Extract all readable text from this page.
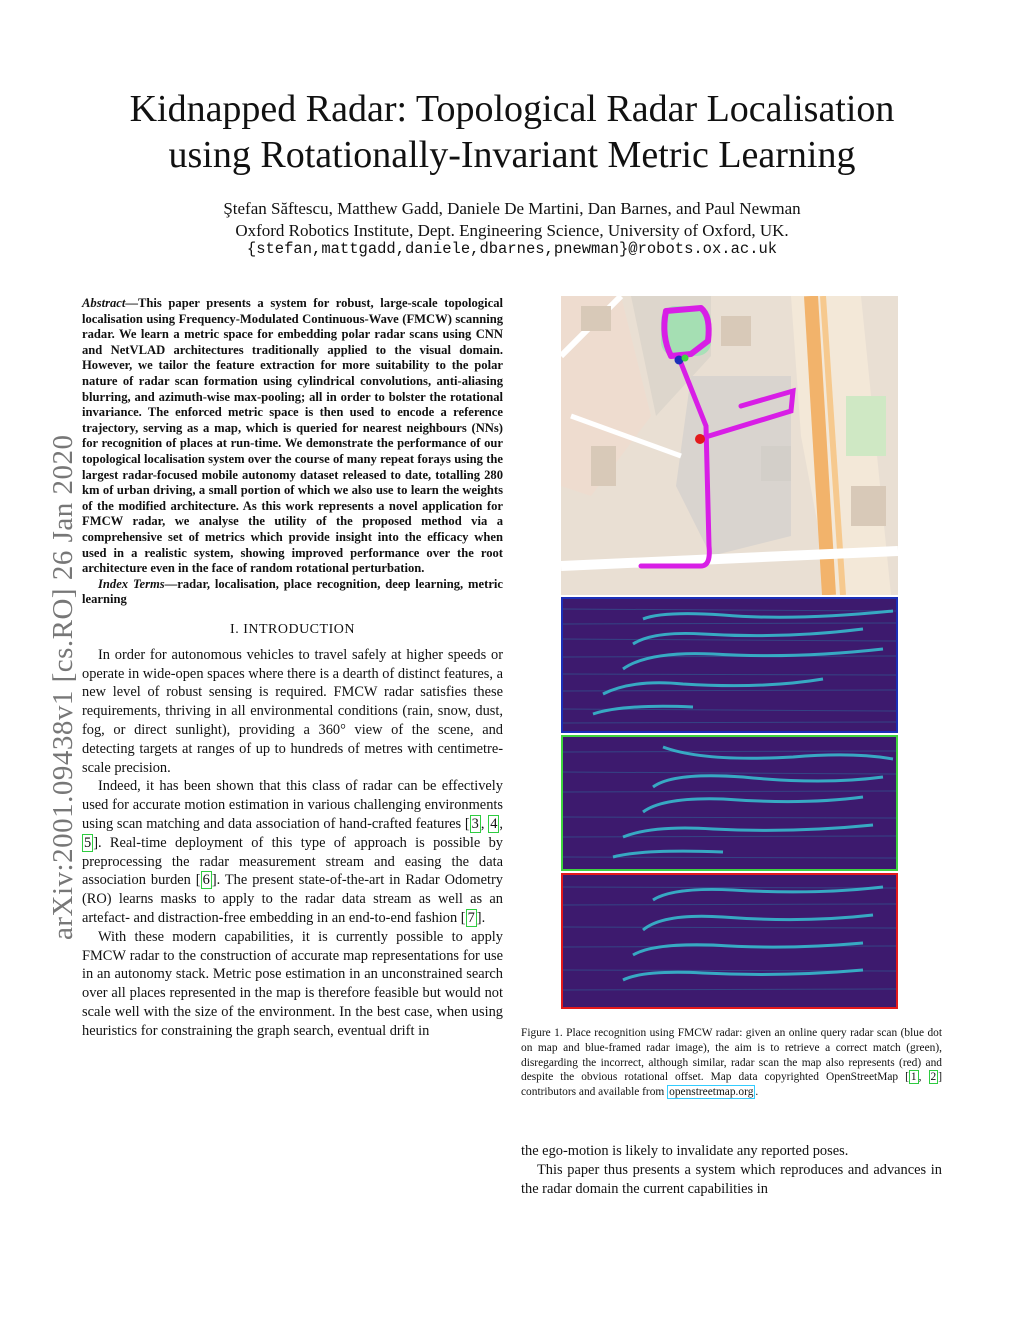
Kidnapped Radar: Topological Radar Localisation
using Rotationally-Invariant Metric Learning
Ştefan Săftescu, Matthew Gadd, Daniele De Martini, Dan Barnes, and Paul Newman
Oxford Robotics Institute, Dept. Engineering Science, University of Oxford, UK.
{stefan,mattgadd,daniele,dbarnes,pnewman}@robots.ox.ac.uk
arXiv:2001.09438v1 [cs.RO] 26 Jan 2020

Abstract—This paper presents a system for robust, large-scale topological localisation using Frequency-Modulated Continuous-Wave (FMCW) scanning radar. We learn a metric space for embedding polar radar scans using CNN and NetVLAD architectures traditionally applied to the visual domain. However, we tailor the feature extraction for more suitability to the polar nature of radar scan formation using cylindrical convolutions, anti-aliasing blurring, and azimuth-wise max-pooling; all in order to bolster the rotational invariance. The enforced metric space is then used to encode a reference trajectory, serving as a map, which is queried for nearest neighbours (NNs) for recognition of places at run-time. We demonstrate the performance of our topological localisation system over the course of many repeat forays using the largest radar-focused mobile autonomy dataset released to date, totalling 280 km of urban driving, a small portion of which we also use to learn the weights of the modified architecture. As this work represents a novel application for FMCW radar, we analyse the utility of the proposed method via a comprehensive set of metrics which provide insight into the efficacy when used in a realistic system, showing improved performance over the root architecture even in the face of random rotational perturbation.

Index Terms—radar, localisation, place recognition, deep learning, metric learning

I. INTRODUCTION

In order for autonomous vehicles to travel safely at higher speeds or operate in wide-open spaces where there is a dearth of distinct features, a new level of robust sensing is required. FMCW radar satisfies these requirements, thriving in all environmental conditions (rain, snow, dust, fog, or direct sunlight), providing a 360° view of the scene, and detecting targets at ranges of up to hundreds of metres with centimetre-scale precision.

Indeed, it has been shown that this class of radar can be effectively used for accurate motion estimation in various challenging environments using scan matching and data association of hand-crafted features [ 3 , 4 , 5 ]. Real-time deployment of this type of approach is possible by preprocessing the radar measurement stream and easing the data association burden [ 6 ]. The present state-of-the-art in Radar Odometry (RO) learns masks to apply to the radar data stream as well as an artefact- and distraction-free embedding in an end-to-end fashion [ 7 ].

With these modern capabilities, it is currently possible to apply FMCW radar to the construction of accurate map representations for use in an autonomy stack. Metric pose estimation in an unconstrained search over all places represented in the map is therefore feasible but would not scale well with the size of the environment. In the best case, when using heuristics for constraining the graph search, eventual drift in	Figure 1. Place recognition using FMCW radar: given an online query radar scan (blue dot on map and blue-framed radar image), the aim is to retrieve a correct match (green), disregarding the incorrect, although similar, radar scan the map also represents (red) and despite the obvious rotational offset. Map data copyrighted OpenStreetMap [ 1 , 2 ] contributors and available from openstreetmap.org .

the ego-motion is likely to invalidate any reported poses.

This paper thus presents a system which reproduces and advances in the radar domain the current capabilities in
